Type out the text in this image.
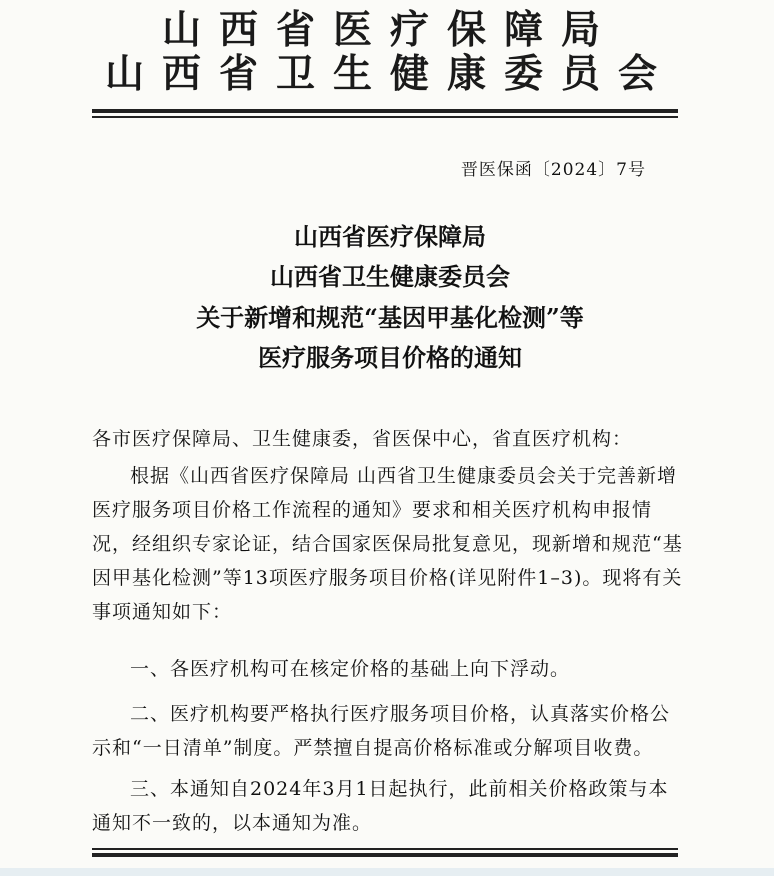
山西省医疗保障局
山西省卫生健康委员会
晋医保函〔2024〕7号
山西省医疗保障局
山西省卫生健康委员会
关于新增和规范“基因甲基化检测”等
医疗服务项目价格的通知
各市医疗保障局、卫生健康委，省医保中心，省直医疗机构：
根据《山西省医疗保障局 山西省卫生健康委员会关于完善新增医疗服务项目价格工作流程的通知》要求和相关医疗机构申报情况，经组织专家论证，结合国家医保局批复意见，现新增和规范“基因甲基化检测”等13项医疗服务项目价格(详见附件1–3)。现将有关事项通知如下：
一、各医疗机构可在核定价格的基础上向下浮动。
二、医疗机构要严格执行医疗服务项目价格，认真落实价格公示和“一日清单”制度。严禁擅自提高价格标准或分解项目收费。
三、本通知自2024年3月1日起执行，此前相关价格政策与本通知不一致的，以本通知为准。
